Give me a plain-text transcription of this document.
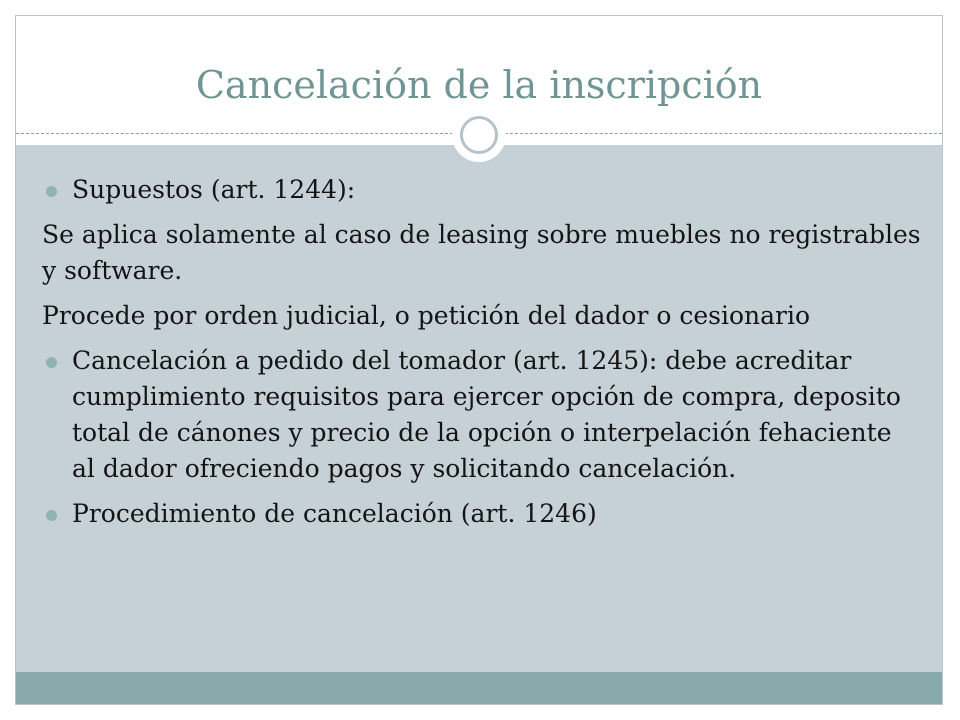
Cancelación de la inscripción
Supuestos (art. 1244):
Se aplica solamente al caso de leasing sobre muebles no registrables y software.
Procede por orden judicial, o petición del dador o cesionario
Cancelación a pedido del tomador (art. 1245): debe acreditar cumplimiento requisitos para ejercer opción de compra, deposito total de cánones y precio de la opción o interpelación fehaciente al dador ofreciendo pagos y solicitando cancelación.
Procedimiento de cancelación (art. 1246)
